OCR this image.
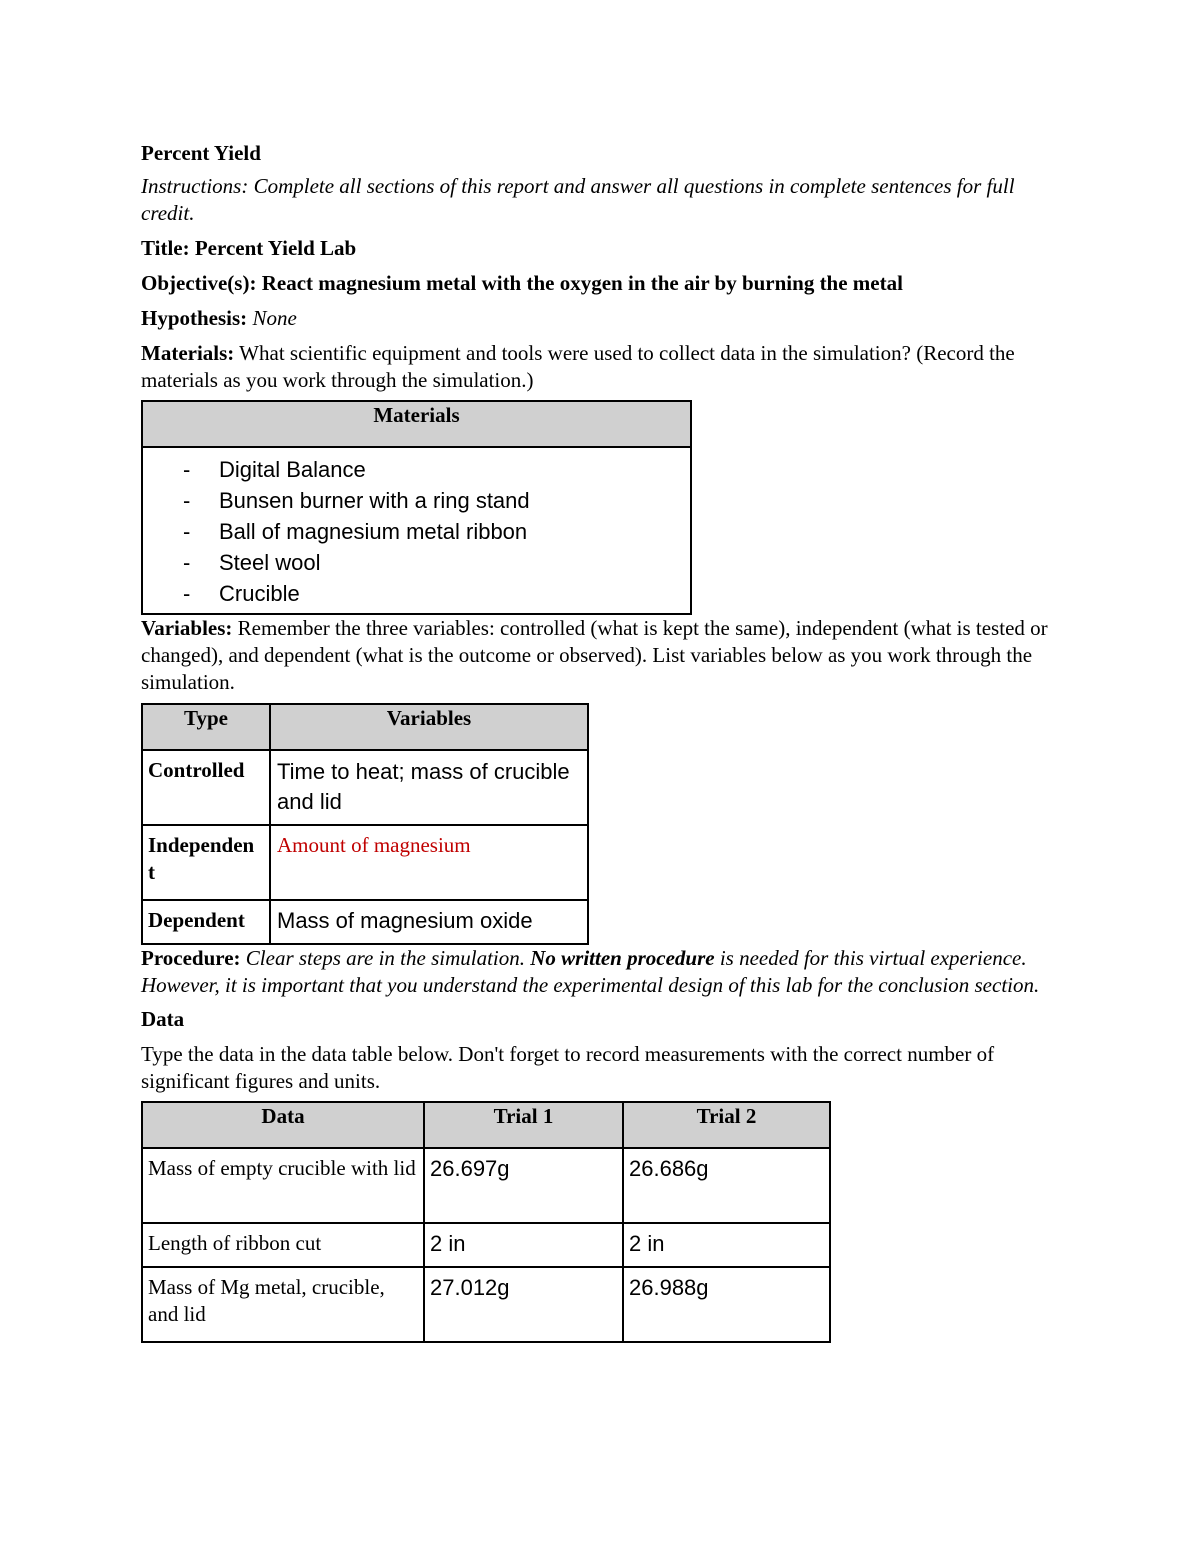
Percent Yield
Instructions: Complete all sections of this report and answer all questions in complete sentences for full credit.
Title: Percent Yield Lab
Objective(s): React magnesium metal with the oxygen in the air by burning the metal
Hypothesis: None
Materials: What scientific equipment and tools were used to collect data in the simulation? (Record the materials as you work through the simulation.)
Materials

- Digital Balance
- Bunsen burner with a ring stand
- Ball of magnesium metal ribbon
- Steel wool
- Crucible
Variables: Remember the three variables: controlled (what is kept the same), independent (what is tested or changed), and dependent (what is the outcome or observed). List variables below as you work through the simulation.
Type	Variables
Controlled	Time to heat; mass of crucible and lid
Independen t	Amount of magnesium
Dependent	Mass of magnesium oxide
Procedure: Clear steps are in the simulation. No written procedure is needed for this virtual experience. However, it is important that you understand the experimental design of this lab for the conclusion section.
Data
Type the data in the data table below. Don't forget to record measurements with the correct number of significant figures and units.
Data	Trial 1	Trial 2
Mass of empty crucible with lid	26.697g	26.686g
Length of ribbon cut	2 in	2 in
Mass of Mg metal, crucible, and lid	27.012g	26.988g
